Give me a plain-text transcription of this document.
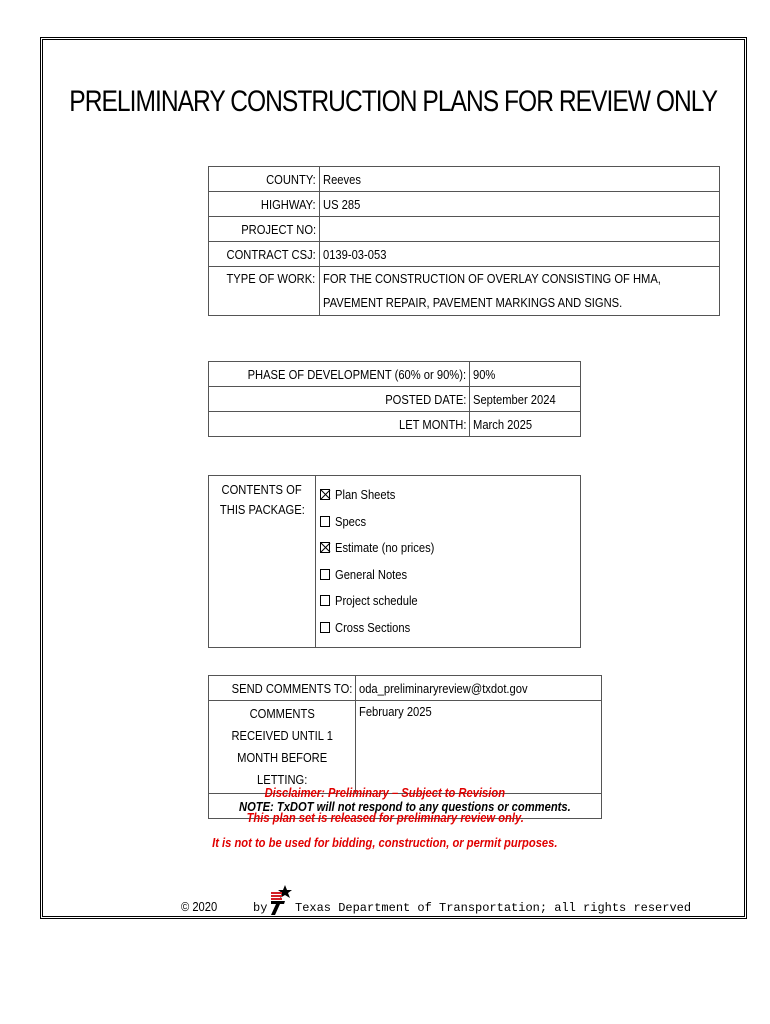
PRELIMINARY CONSTRUCTION PLANS FOR REVIEW ONLY
COUNTY:	Reeves
HIGHWAY:	US 285
PROJECT NO:	
CONTRACT CSJ:	0139-03-053
TYPE OF WORK:	FOR THE CONSTRUCTION OF OVERLAY CONSISTING OF HMA,
PAVEMENT REPAIR, PAVEMENT MARKINGS AND SIGNS.
PHASE OF DEVELOPMENT (60% or 90%):	90%
POSTED DATE:	September 2024
LET MONTH:	March 2025
CONTENTS OF
THIS PACKAGE:	
Plan Sheets
Specs
Estimate (no prices)
General Notes
Project schedule
Cross Sections
SEND COMMENTS TO:	oda_preliminaryreview@txdot.gov
COMMENTS RECEIVED UNTIL 1
MONTH BEFORE LETTING:	February 2025
NOTE: TxDOT will not respond to any questions or comments.	
Disclaimer: Preliminary – Subject to Revision
This plan set is released for preliminary review only.
It is not to be used for bidding, construction, or permit purposes.
© 2020	by Texas Department of Transportation; all rights reserved
